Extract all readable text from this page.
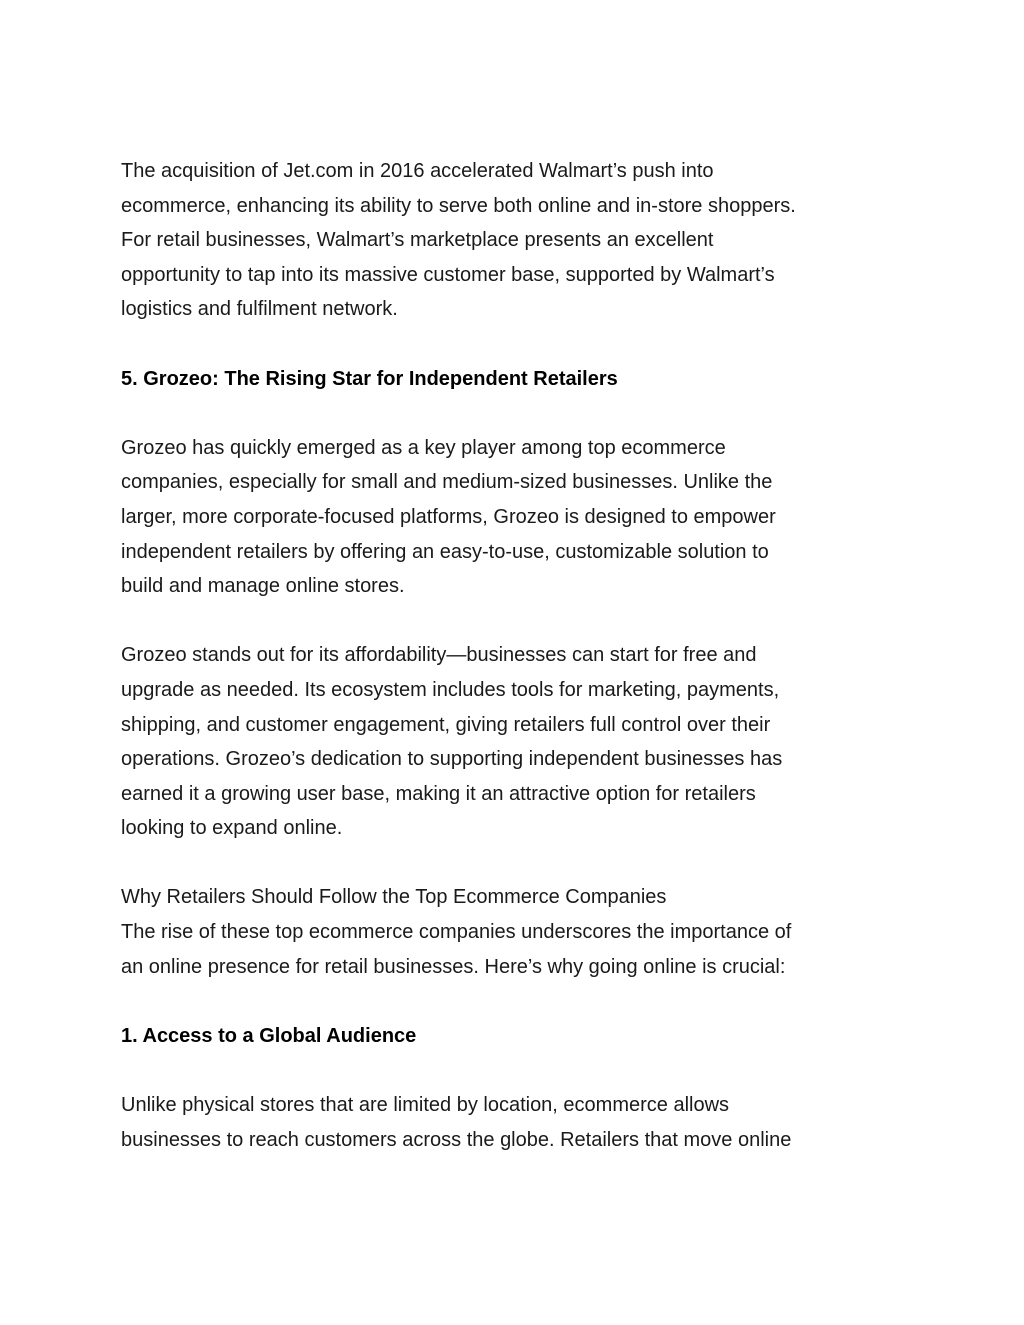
The acquisition of Jet.com in 2016 accelerated Walmart’s push into
ecommerce, enhancing its ability to serve both online and in-store shoppers.
For retail businesses, Walmart’s marketplace presents an excellent
opportunity to tap into its massive customer base, supported by Walmart’s
logistics and fulfilment network.

5. Grozeo: The Rising Star for Independent Retailers

Grozeo has quickly emerged as a key player among top ecommerce
companies, especially for small and medium-sized businesses. Unlike the
larger, more corporate-focused platforms, Grozeo is designed to empower
independent retailers by offering an easy-to-use, customizable solution to
build and manage online stores.

Grozeo stands out for its affordability—businesses can start for free and
upgrade as needed. Its ecosystem includes tools for marketing, payments,
shipping, and customer engagement, giving retailers full control over their
operations. Grozeo’s dedication to supporting independent businesses has
earned it a growing user base, making it an attractive option for retailers
looking to expand online.

Why Retailers Should Follow the Top Ecommerce Companies
The rise of these top ecommerce companies underscores the importance of
an online presence for retail businesses. Here’s why going online is crucial:

1. Access to a Global Audience

Unlike physical stores that are limited by location, ecommerce allows
businesses to reach customers across the globe. Retailers that move online
